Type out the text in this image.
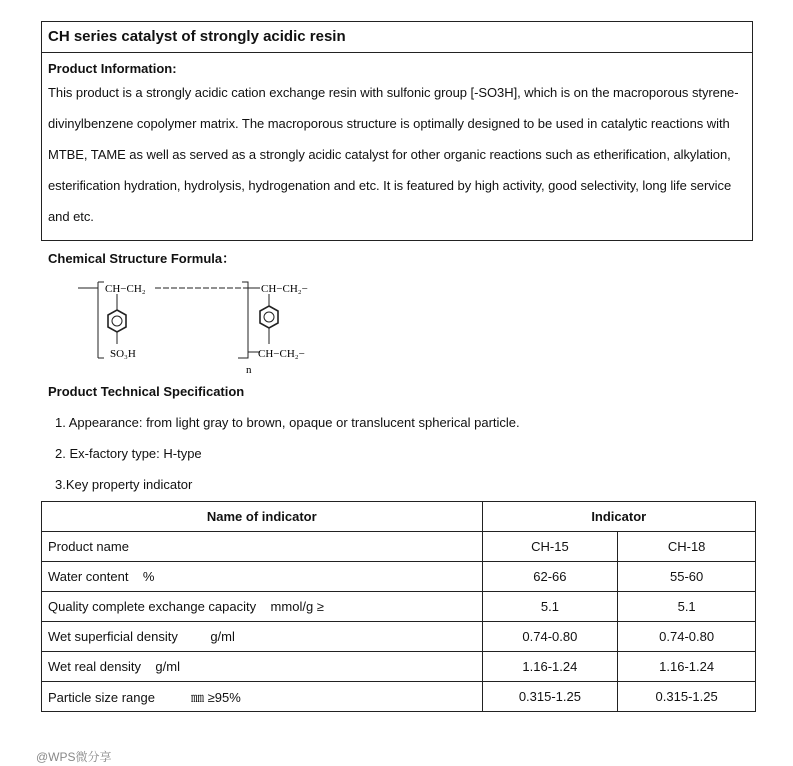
CH series catalyst of strongly acidic resin
Product Information:
This product is a strongly acidic cation exchange resin with sulfonic group [-SO3H], which is on the macroporous styrene-divinylbenzene copolymer matrix. The macroporous structure is optimally designed to be used in catalytic reactions with MTBE, TAME as well as served as a strongly acidic catalyst for other organic reactions such as etherification, alkylation, esterification hydration, hydrolysis, hydrogenation and etc. It is featured by high activity, good selectivity, long life service and etc.
Chemical Structure Formula：
CH−CH₂	CH−CH₂−
SO₃H	CH−CH₂−
n
Product Technical Specification
1. Appearance: from light gray to brown, opaque or translucent spherical particle.
2. Ex-factory type: H-type
3.Key property indicator
Name of indicator	Indicator	
Product name	CH-15	CH-18
Water content    %	62-66	55-60
Quality complete exchange capacity    mmol/g ≥	5.1	5.1
Wet superficial density         g/ml	0.74-0.80	0.74-0.80
Wet real density    g/ml	1.16-1.24	1.16-1.24
Particle size range          ㎜ ≥95%	0.315-1.25	0.315-1.25
@WPS微分享
